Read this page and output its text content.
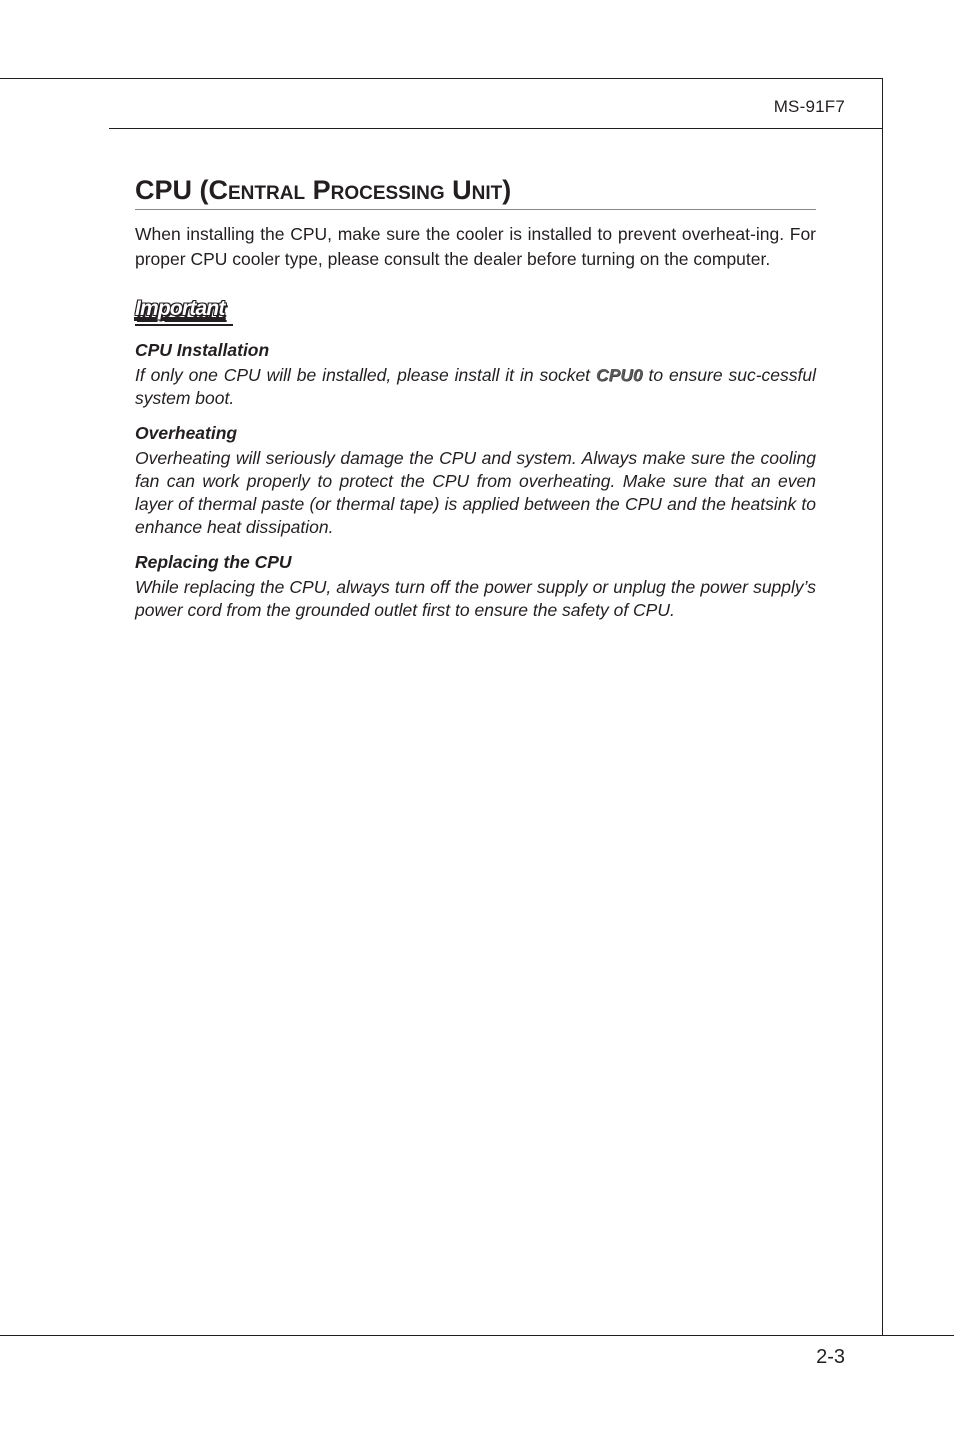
MS-91F7
CPU (Central Processing Unit)

When installing the CPU, make sure the cooler is installed to prevent overheat-ing. For proper CPU cooler type, please consult the dealer before turning on the computer.

Important

CPU Installation

If only one CPU will be installed, please install it in socket CPU0 to ensure suc-cessful system boot.

Overheating

Overheating will seriously damage the CPU and system. Always make sure the cooling fan can work properly to protect the CPU from overheating. Make sure that an even layer of thermal paste (or thermal tape) is applied between the CPU and the heatsink to enhance heat dissipation.

Replacing the CPU

While replacing the CPU, always turn off the power supply or unplug the power supply’s power cord from the grounded outlet first to ensure the safety of CPU.

2-3
